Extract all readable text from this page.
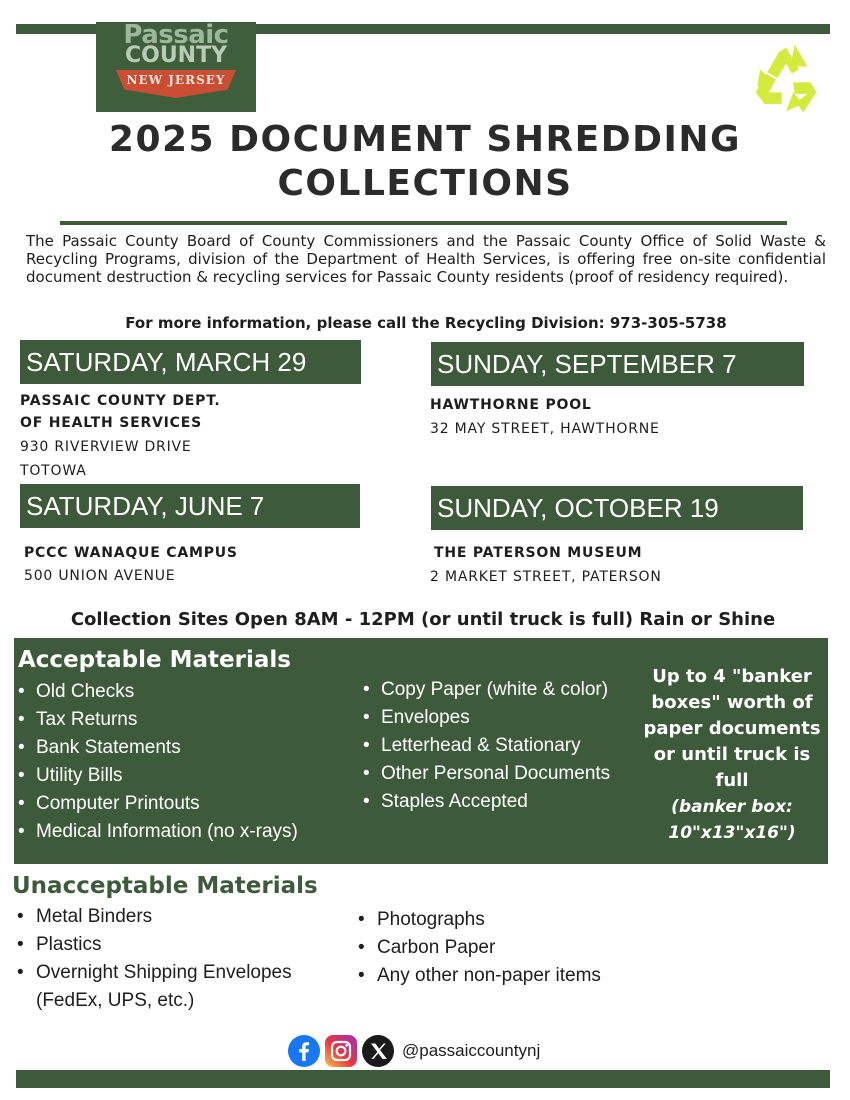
Passaic
COUNTY
NEW JERSEY
2025 DOCUMENT SHREDDING
COLLECTIONS

The Passaic County Board of County Commissioners and the Passaic County Office of Solid Waste & Recycling Programs, division of the Department of Health Services, is offering free on-site confidential document destruction & recycling services for Passaic County residents (proof of residency required).

For more information, please call the Recycling Division: 973-305-5738

SATURDAY, MARCH 29
PASSAIC COUNTY DEPT.
OF HEALTH SERVICES
930 RIVERVIEW DRIVE
TOTOWA
SUNDAY, SEPTEMBER 7
HAWTHORNE POOL
32 MAY STREET, HAWTHORNE
SATURDAY, JUNE 7
PCCC WANAQUE CAMPUS
500 UNION AVENUE
SUNDAY, OCTOBER 19
THE PATERSON MUSEUM
2 MARKET STREET, PATERSON

Collection Sites Open 8AM - 12PM (or until truck is full) Rain or Shine

Acceptable Materials
• Old Checks
• Tax Returns
• Bank Statements
• Utility Bills
• Computer Printouts
• Medical Information (no x-rays)
• Copy Paper (white & color)
• Envelopes
• Letterhead & Stationary
• Other Personal Documents
• Staples Accepted
Up to 4 "banker
boxes" worth of
paper documents
or until truck is
full
(banker box:
10"x13"x16")
Unacceptable Materials
• Metal Binders
• Plastics
• Overnight Shipping Envelopes
(FedEx, UPS, etc.)
• Photographs
• Carbon Paper
• Any other non-paper items
@passaiccountynj
